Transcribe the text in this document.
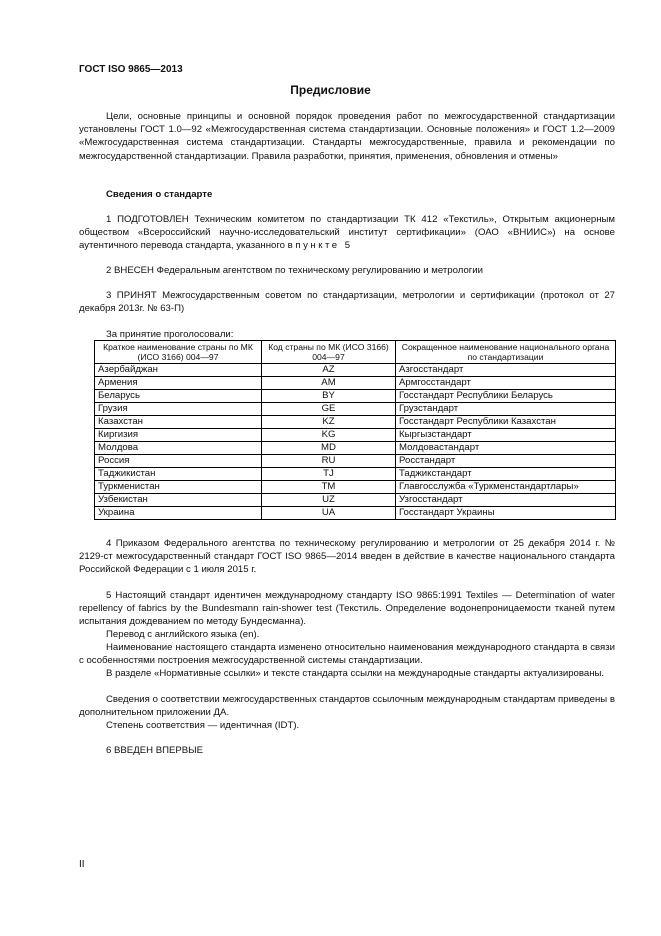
ГОСТ ISO 9865—2013
Предисловие
Цели, основные принципы и основной порядок проведения работ по межгосударственной стандартизации установлены ГОСТ 1.0—92 «Межгосударственная система стандартизации. Основные положения» и ГОСТ 1.2—2009 «Межгосударственная система стандартизации. Стандарты межгосударственные, правила и рекомендации по межгосударственной стандартизации. Правила разработки, принятия, применения, обновления и отмены»
Сведения о стандарте
1 ПОДГОТОВЛЕН Техническим комитетом по стандартизации ТК 412 «Текстиль», Открытым акционерным обществом «Всероссийский научно-исследовательский институт сертификации» (ОАО «ВНИИС») на основе аутентичного перевода стандарта, указанного в пункте 5
2 ВНЕСЕН Федеральным агентством по техническому регулированию и метрологии
3 ПРИНЯТ Межгосударственным советом по стандартизации, метрологии и сертификации (протокол от 27 декабря 2013г. № 63-П)
За принятие проголосовали:
Краткое наименование страны по МК (ИСО 3166) 004—97	Код страны по МК (ИСО 3166) 004—97	Сокращенное наименование национального органа по стандартизации
Азербайджан	AZ	Азгосстандарт
Армения	AM	Армгосстандарт
Беларусь	BY	Госстандарт Республики Беларусь
Грузия	GE	Грузстандарт
Казахстан	KZ	Госстандарт Республики Казахстан
Киргизия	KG	Кыргызстандарт
Молдова	MD	Молдовастандарт
Россия	RU	Росстандарт
Таджикистан	TJ	Таджикстандарт
Туркменистан	TM	Главгосслужба «Туркменстандартлары»
Узбекистан	UZ	Узгосстандарт
Украина	UA	Госстандарт Украины
4 Приказом Федерального агентства по техническому регулированию и метрологии от 25 декабря 2014 г. № 2129-ст межгосударственный стандарт ГОСТ ISO 9865—2014 введен в действие в качестве национального стандарта Российской Федерации с 1 июля 2015 г.
5 Настоящий стандарт идентичен международному стандарту ISO 9865:1991 Textiles — Determination of water repellency of fabrics by the Bundesmann rain-shower test (Текстиль. Определение водонепроницаемости тканей путем испытания дождеванием по методу Бундесманна).
Перевод с английского языка (en).
Наименование настоящего стандарта изменено относительно наименования международного стандарта в связи с особенностями построения межгосударственной системы стандартизации.
В разделе «Нормативные ссылки» и тексте стандарта ссылки на международные стандарты актуализированы.
Сведения о соответствии межгосударственных стандартов ссылочным международным стандартам приведены в дополнительном приложении ДА.
Степень соответствия — идентичная (IDT).
6 ВВЕДЕН ВПЕРВЫЕ
II
